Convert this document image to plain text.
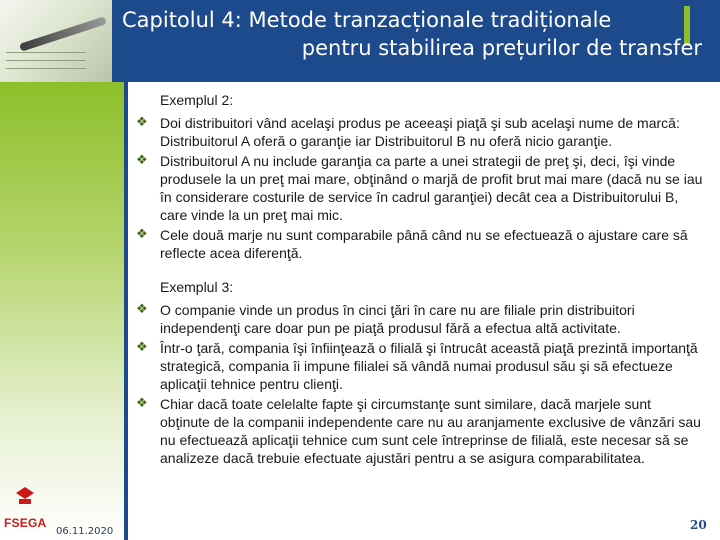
Capitolul 4: Metode tranzacționale tradiționale
pentru stabilirea prețurilor de transfer
FSEGA
06.11.2020
Exemplul 2:
❖ Doi distribuitori vând acelaşi produs pe aceeaşi piaţă şi sub acelaşi nume de marcă: Distribuitorul A oferă o garanţie iar Distribuitorul B nu oferă nicio garanţie.
❖ Distribuitorul A nu include garanţia ca parte a unei strategii de preţ şi, deci, îşi vinde produsele la un preţ mai mare, obţinând o marjă de profit brut mai mare (dacă nu se iau în considerare costurile de service în cadrul garanţiei) decât cea a Distribuitorului B, care vinde la un preţ mai mic.
❖ Cele două marje nu sunt comparabile până când nu se efectuează o ajustare care să reflecte acea diferenţă.
Exemplul 3:
❖ O companie vinde un produs în cinci ţări în care nu are filiale prin distribuitori independenţi care doar pun pe piaţă produsul fără a efectua altă activitate.
❖ Într-o ţară, compania îşi înfiinţează o filială şi întrucât această piaţă prezintă importanţă strategică, compania îi impune filialei să vândă numai produsul său şi să efectueze aplicaţii tehnice pentru clienţi.
❖ Chiar dacă toate celelalte fapte şi circumstanţe sunt similare, dacă marjele sunt obţinute de la companii independente care nu au aranjamente exclusive de vânzări sau nu efectuează aplicaţii tehnice cum sunt cele întreprinse de filială, este necesar să se analizeze dacă trebuie efectuate ajustări pentru a se asigura comparabilitatea.
20
